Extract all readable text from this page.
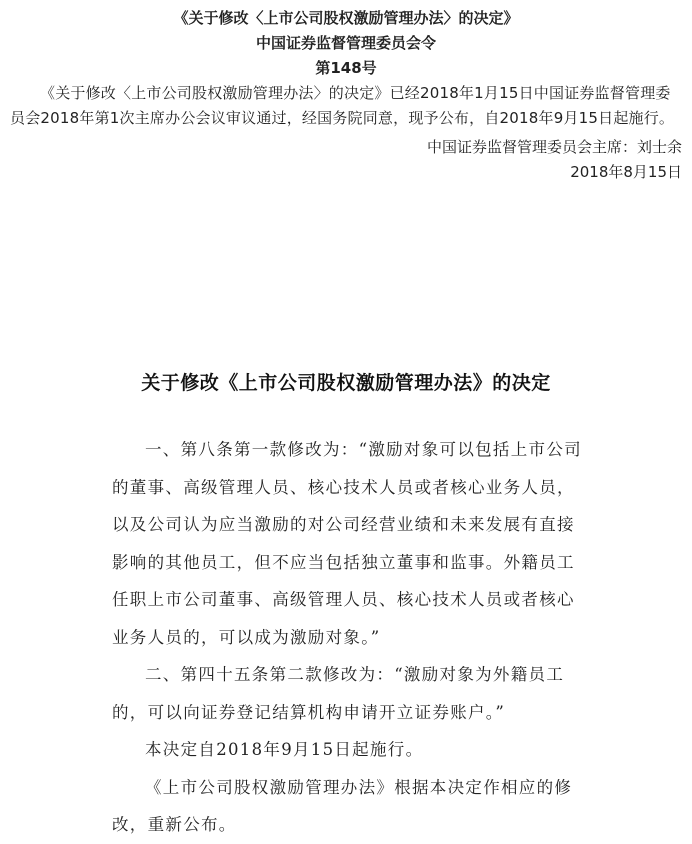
《关于修改〈上市公司股权激励管理办法〉的决定》
中国证券监督管理委员会令
第148号

《关于修改〈上市公司股权激励管理办法〉的决定》已经2018年1月15日中国证券监督管理委员会2018年第1次主席办公会议审议通过，经国务院同意，现予公布，自2018年9月15日起施行。

中国证券监督管理委员会主席：刘士余

2018年8月15日

关于修改《上市公司股权激励管理办法》的决定

一、第八条第一款修改为：“激励对象可以包括上市公司的董事、高级管理人员、核心技术人员或者核心业务人员，以及公司认为应当激励的对公司经营业绩和未来发展有直接影响的其他员工，但不应当包括独立董事和监事。外籍员工任职上市公司董事、高级管理人员、核心技术人员或者核心业务人员的，可以成为激励对象。”

二、第四十五条第二款修改为：“激励对象为外籍员工的，可以向证券登记结算机构申请开立证券账户。”

本决定自2018年9月15日起施行。

《上市公司股权激励管理办法》根据本决定作相应的修改，重新公布。
